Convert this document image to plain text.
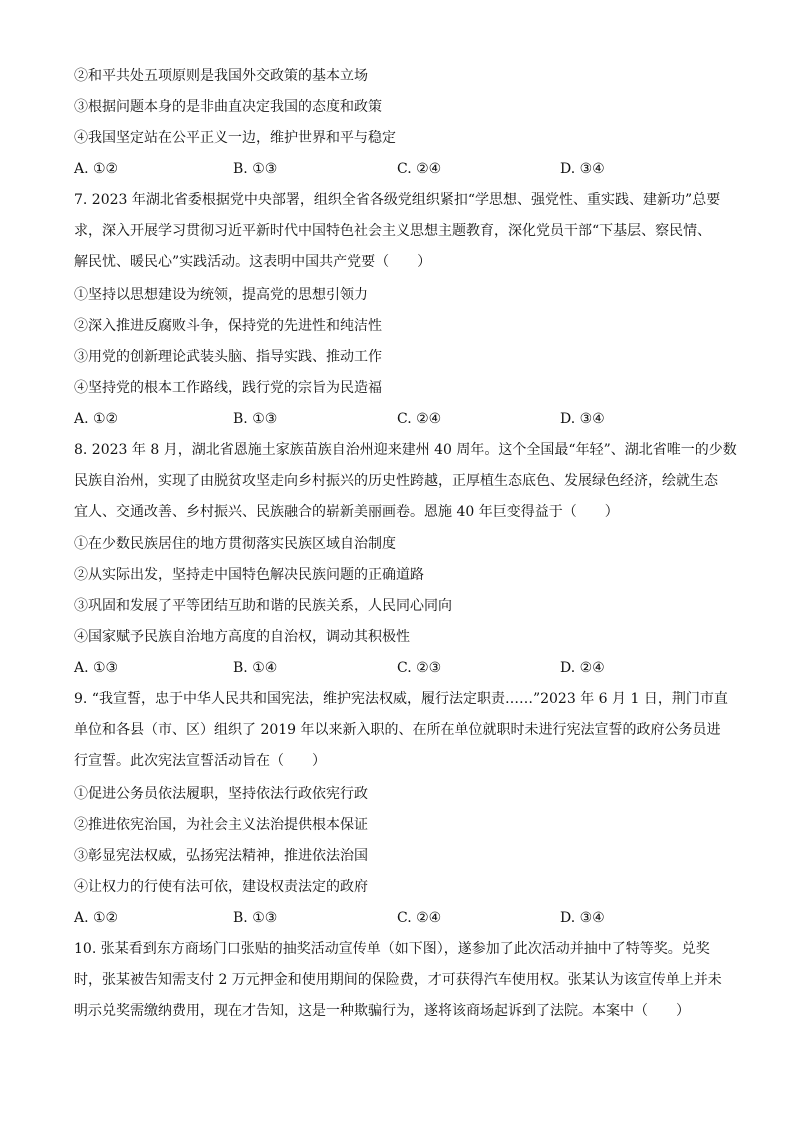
②和平共处五项原则是我国外交政策的基本立场
③根据问题本身的是非曲直决定我国的态度和政策
④我国坚定站在公平正义一边，维护世界和平与稳定
A. ①②	B. ①③	C. ②④	D. ③④
7. 2023 年湖北省委根据党中央部署，组织全省各级党组织紧扣“学思想、强党性、重实践、建新功”总要
求，深入开展学习贯彻习近平新时代中国特色社会主义思想主题教育，深化党员干部“下基层、察民情、
解民忧、暖民心”实践活动。这表明中国共产党要（　　）
①坚持以思想建设为统领，提高党的思想引领力
②深入推进反腐败斗争，保持党的先进性和纯洁性
③用党的创新理论武装头脑、指导实践、推动工作
④坚持党的根本工作路线，践行党的宗旨为民造福
A. ①②	B. ①③	C. ②④	D. ③④
8. 2023 年 8 月，湖北省恩施土家族苗族自治州迎来建州 40 周年。这个全国最“年轻”、湖北省唯一的少数
民族自治州，实现了由脱贫攻坚走向乡村振兴的历史性跨越，正厚植生态底色、发展绿色经济，绘就生态
宜人、交通改善、乡村振兴、民族融合的崭新美丽画卷。恩施 40 年巨变得益于（　　）
①在少数民族居住的地方贯彻落实民族区域自治制度
②从实际出发，坚持走中国特色解决民族问题的正确道路
③巩固和发展了平等团结互助和谐的民族关系，人民同心同向
④国家赋予民族自治地方高度的自治权，调动其积极性
A. ①③	B. ①④	C. ②③	D. ②④
9. “我宣誓，忠于中华人民共和国宪法，维护宪法权威，履行法定职责……”2023 年 6 月 1 日，荆门市直
单位和各县（市、区）组织了 2019 年以来新入职的、在所在单位就职时未进行宪法宣誓的政府公务员进
行宣誓。此次宪法宣誓活动旨在（　　）
①促进公务员依法履职，坚持依法行政依宪行政
②推进依宪治国，为社会主义法治提供根本保证
③彰显宪法权威，弘扬宪法精神，推进依法治国
④让权力的行使有法可依，建设权责法定的政府
A. ①②	B. ①③	C. ②④	D. ③④
10. 张某看到东方商场门口张贴的抽奖活动宣传单（如下图），遂参加了此次活动并抽中了特等奖。兑奖
时，张某被告知需支付 2 万元押金和使用期间的保险费，才可获得汽车使用权。张某认为该宣传单上并未
明示兑奖需缴纳费用，现在才告知，这是一种欺骗行为，遂将该商场起诉到了法院。本案中（　　）
